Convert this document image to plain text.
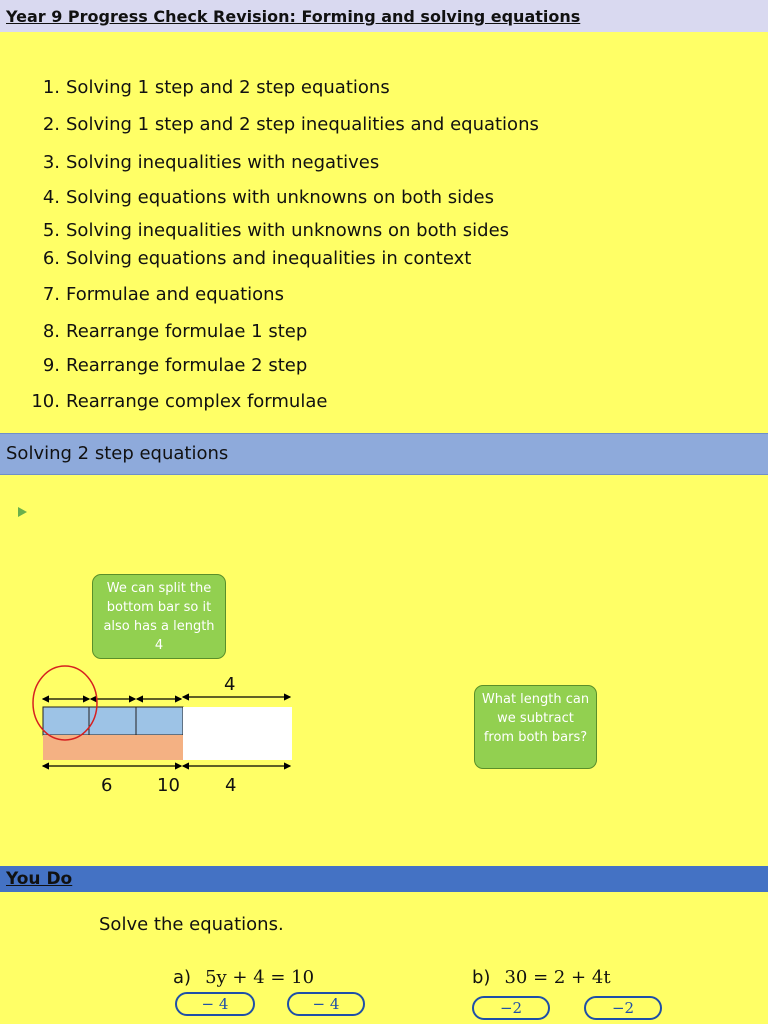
Year 9 Progress Check Revision: Forming and solving equations
1. Solving 1 step and 2 step equations
2. Solving 1 step and 2 step inequalities and equations
3. Solving inequalities with negatives
4. Solving equations with unknowns on both sides
5. Solving inequalities with unknowns on both sides
6. Solving equations and inequalities in context
7. Formulae and equations
8. Rearrange formulae 1 step
9. Rearrange formulae 2 step
10. Rearrange complex formulae
Solving 2 step equations
We can split the bottom bar so it also has a length 4
4
6 10	4
What length can we subtract from both bars?
You Do
Solve the equations.
a) 5y + 4 = 10
− 4	− 4
b) 30 = 2 + 4t
−2	−2
